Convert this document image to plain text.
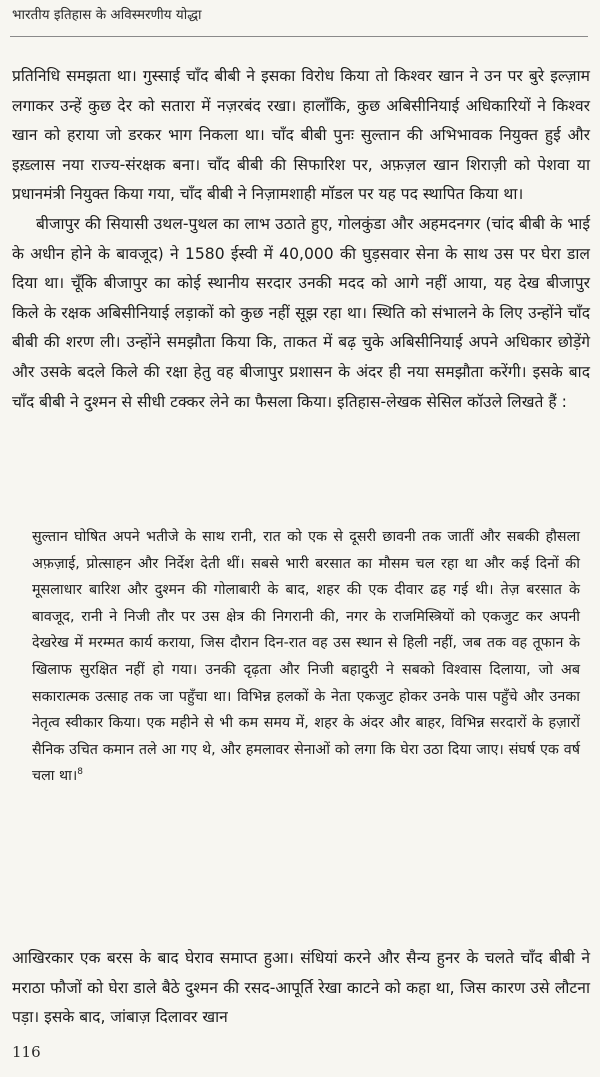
भारतीय इतिहास के अविस्मरणीय योद्धा

प्रतिनिधि समझता था। गुस्साई चाँद बीबी ने इसका विरोध किया तो किश्वर खान ने उन पर बुरे इल्ज़ाम लगाकर उन्हें कुछ देर को सतारा में नज़रबंद रखा। हालाँकि, कुछ अबिसीनियाई अधिकारियों ने किश्वर खान को हराया जो डरकर भाग निकला था। चाँद बीबी पुनः सुल्तान की अभिभावक नियुक्त हुई और इख़्लास नया राज्य-संरक्षक बना। चाँद बीबी की सिफारिश पर, अफ़ज़ल खान शिराज़ी को पेशवा या प्रधानमंत्री नियुक्त किया गया, चाँद बीबी ने निज़ामशाही मॉडल पर यह पद स्थापित किया था।

बीजापुर की सियासी उथल-पुथल का लाभ उठाते हुए, गोलकुंडा और अहमदनगर (चांद बीबी के भाई के अधीन होने के बावजूद) ने 1580 ईस्वी में 40,000 की घुड़सवार सेना के साथ उस पर घेरा डाल दिया था। चूँकि बीजापुर का कोई स्थानीय सरदार उनकी मदद को आगे नहीं आया, यह देख बीजापुर किले के रक्षक अबिसीनियाई लड़ाकों को कुछ नहीं सूझ रहा था। स्थिति को संभालने के लिए उन्होंने चाँद बीबी की शरण ली। उन्होंने समझौता किया कि, ताकत में बढ़ चुके अबिसीनियाई अपने अधिकार छोड़ेंगे और उसके बदले किले की रक्षा हेतु वह बीजापुर प्रशासन के अंदर ही नया समझौता करेंगी। इसके बाद चाँद बीबी ने दुश्मन से सीधी टक्कर लेने का फैसला किया। इतिहास-लेखक सेसिल कॉउले लिखते हैं :

सुल्तान घोषित अपने भतीजे के साथ रानी, रात को एक से दूसरी छावनी तक जातीं और सबकी हौसला अफ़ज़ाई, प्रोत्साहन और निर्देश देती थीं। सबसे भारी बरसात का मौसम चल रहा था और कई दिनों की मूसलाधार बारिश और दुश्मन की गोलाबारी के बाद, शहर की एक दीवार ढह गई थी। तेज़ बरसात के बावजूद, रानी ने निजी तौर पर उस क्षेत्र की निगरानी की, नगर के राजमिस्त्रियों को एकजुट कर अपनी देखरेख में मरम्मत कार्य कराया, जिस दौरान दिन-रात वह उस स्थान से हिली नहीं, जब तक वह तूफान के खिलाफ सुरक्षित नहीं हो गया। उनकी दृढ़ता और निजी बहादुरी ने सबको विश्वास दिलाया, जो अब सकारात्मक उत्साह तक जा पहुँचा था। विभिन्न हलकों के नेता एकजुट होकर उनके पास पहुँचे और उनका नेतृत्व स्वीकार किया। एक महीने से भी कम समय में, शहर के अंदर और बाहर, विभिन्न सरदारों के हज़ारों सैनिक उचित कमान तले आ गए थे, और हमलावर सेनाओं को लगा कि घेरा उठा दिया जाए। संघर्ष एक वर्ष चला था।$^8$

आखिरकार एक बरस के बाद घेराव समाप्त हुआ। संधियां करने और सैन्य हुनर के चलते चाँद बीबी ने मराठा फौजों को घेरा डाले बैठे दुश्मन की रसद-आपूर्ति रेखा काटने को कहा था, जिस कारण उसे लौटना पड़ा। इसके बाद, जांबाज़ दिलावर खान

116
